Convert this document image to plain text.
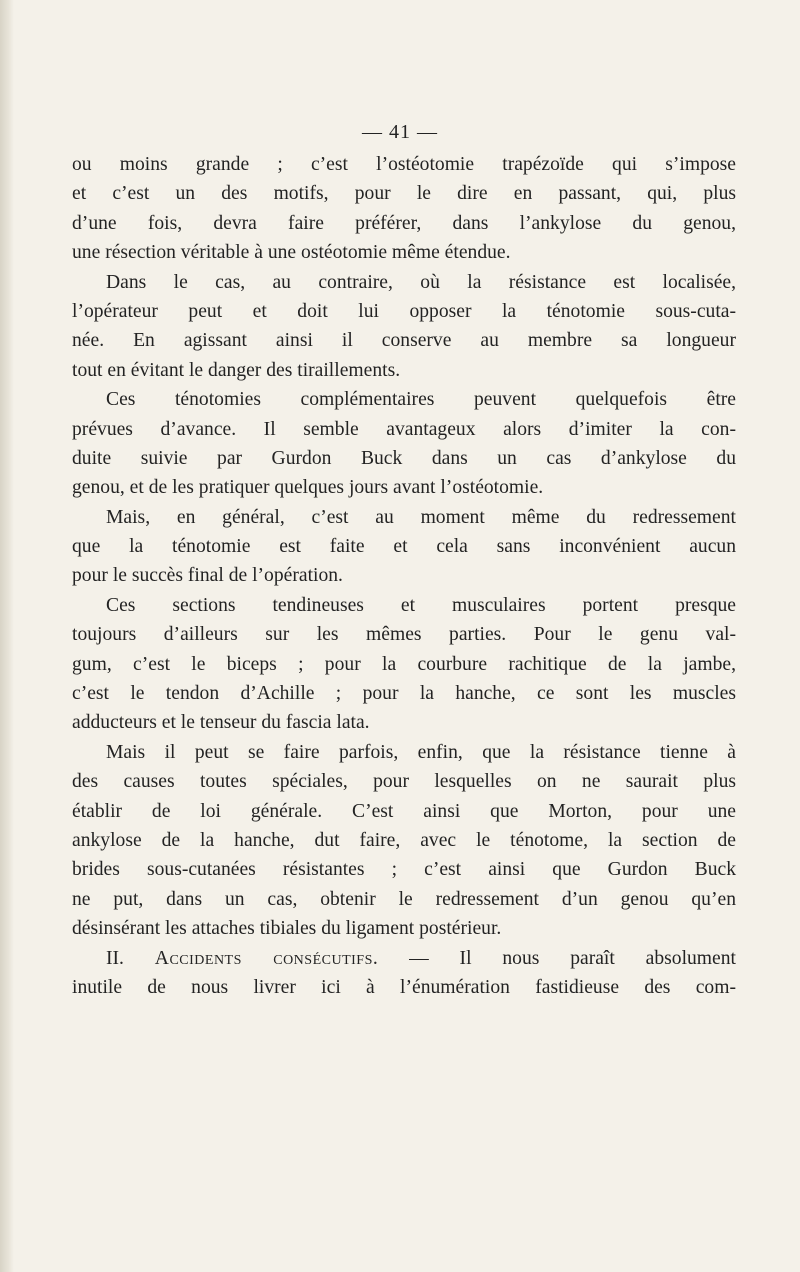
— 41 —

ou moins grande ; c’est l’ostéotomie trapézoïde qui s’impose
et c’est un des motifs, pour le dire en passant, qui, plus
d’une fois, devra faire préférer, dans l’ankylose du genou,
une résection véritable à une ostéotomie même étendue.

Dans le cas, au contraire, où la résistance est localisée,
l’opérateur peut et doit lui opposer la ténotomie sous-cuta-
née. En agissant ainsi il conserve au membre sa longueur
tout en évitant le danger des tiraillements.

Ces ténotomies complémentaires peuvent quelquefois être
prévues d’avance. Il semble avantageux alors d’imiter la con-
duite suivie par Gurdon Buck dans un cas d’ankylose du
genou, et de les pratiquer quelques jours avant l’ostéotomie.

Mais, en général, c’est au moment même du redressement
que la ténotomie est faite et cela sans inconvénient aucun
pour le succès final de l’opération.

Ces sections tendineuses et musculaires portent presque
toujours d’ailleurs sur les mêmes parties. Pour le genu val-
gum, c’est le biceps ; pour la courbure rachitique de la jambe,
c’est le tendon d’Achille ; pour la hanche, ce sont les muscles
adducteurs et le tenseur du fascia lata.

Mais il peut se faire parfois, enfin, que la résistance tienne à
des causes toutes spéciales, pour lesquelles on ne saurait plus
établir de loi générale. C’est ainsi que Morton, pour une
ankylose de la hanche, dut faire, avec le ténotome, la section de
brides sous-cutanées résistantes ; c’est ainsi que Gurdon Buck
ne put, dans un cas, obtenir le redressement d’un genou qu’en
désinsérant les attaches tibiales du ligament postérieur.

II. Accidents consécutifs. — Il nous paraît absolument
inutile de nous livrer ici à l’énumération fastidieuse des com-
